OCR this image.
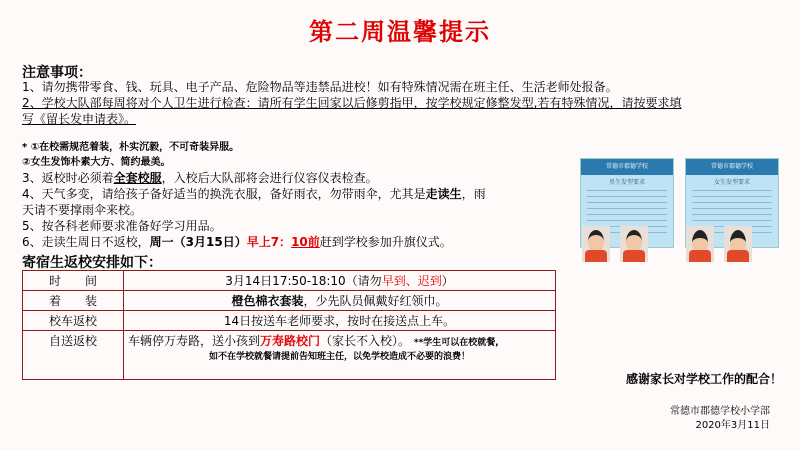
第二周温馨提示
注意事项：
1、请勿携带零食、钱、玩具、电子产品、危险物品等违禁品进校！如有特殊情况需在班主任、生活老师处报备。
2、学校大队部每周将对个人卫生进行检查：请所有学生回家以后修剪指甲，按学校规定修整发型,若有特殊情况，请按要求填
写《留长发申请表》。
* ①在校需规范着装，朴实沉毅，不可奇装异服。
②女生发饰朴素大方、简约最美。
3、返校时必须着全套校服，入校后大队部将会进行仪容仪表检查。
4、天气多变，请给孩子备好适当的换洗衣服，备好雨衣，勿带雨伞，尤其是走读生，雨
天请不要撑雨伞来校。
5、按各科老师要求准备好学习用品。
6、走读生周日不返校，周一（3月15日）早上7：10前赶到学校参加升旗仪式。
寄宿生返校安排如下：
时　　间	3月14日17:50-18:10（请勿早到、迟到）
着　　装	橙色棉衣套装，少先队员佩戴好红领巾。
校车返校	14日按送车老师要求，按时在接送点上车。
自送返校	车辆停万寿路，送小孩到万寿路校门（家长不入校）。 **学生可以在校就餐,
如不在学校就餐请提前告知班主任，以免学校造成不必要的浪费！
常德市郡德学校
男生发型要求
常德市郡德学校
女生发型要求
感谢家长对学校工作的配合！
常德市郡德学校小学部
2020年3月11日
